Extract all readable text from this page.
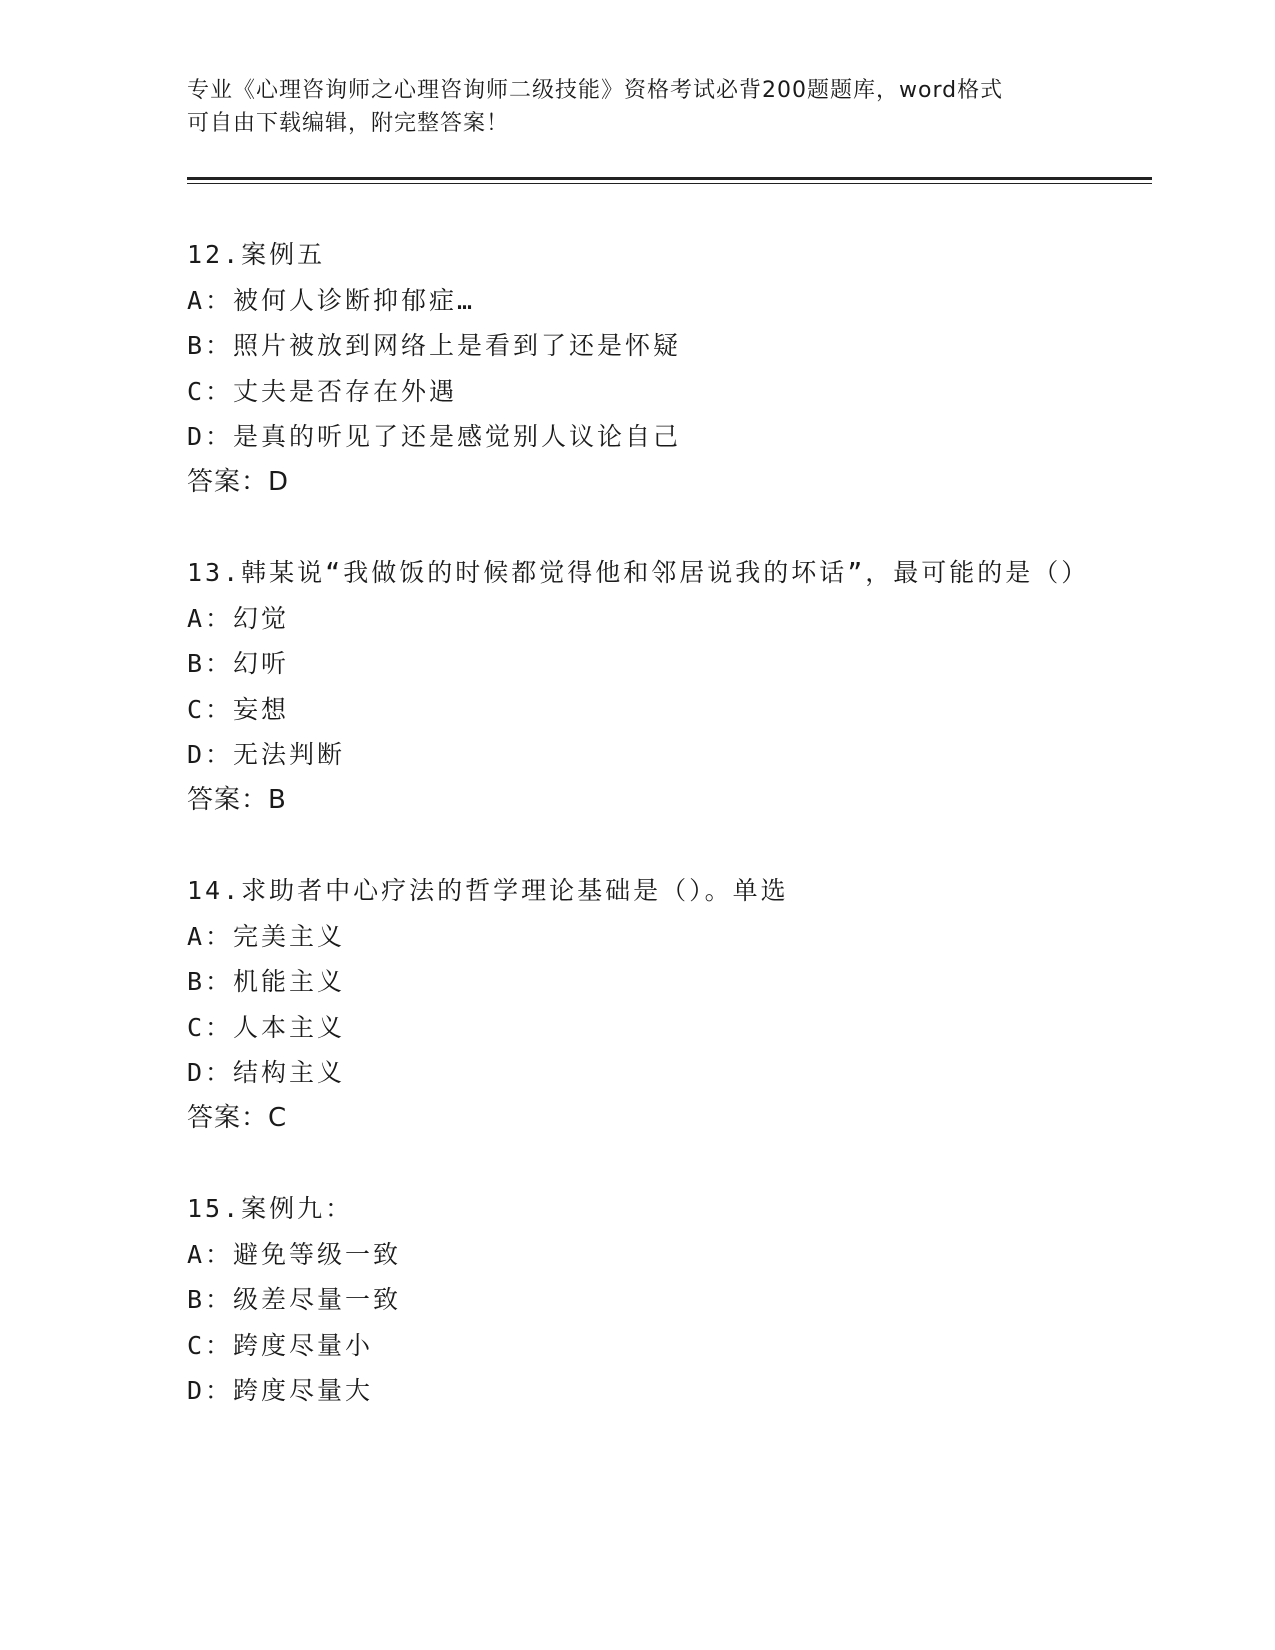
专业《心理咨询师之心理咨询师二级技能》资格考试必背200题题库，word格式
可自由下载编辑，附完整答案！
12.案例五
A：被何人诊断抑郁症…
B：照片被放到网络上是看到了还是怀疑
C：丈夫是否存在外遇
D：是真的听见了还是感觉别人议论自己
答案：D
13.韩某说“我做饭的时候都觉得他和邻居说我的坏话”，最可能的是（）
A：幻觉
B：幻听
C：妄想
D：无法判断
答案：B
14.求助者中心疗法的哲学理论基础是（）。单选
A：完美主义
B：机能主义
C：人本主义
D：结构主义
答案：C
15.案例九：
A：避免等级一致
B：级差尽量一致
C：跨度尽量小
D：跨度尽量大
